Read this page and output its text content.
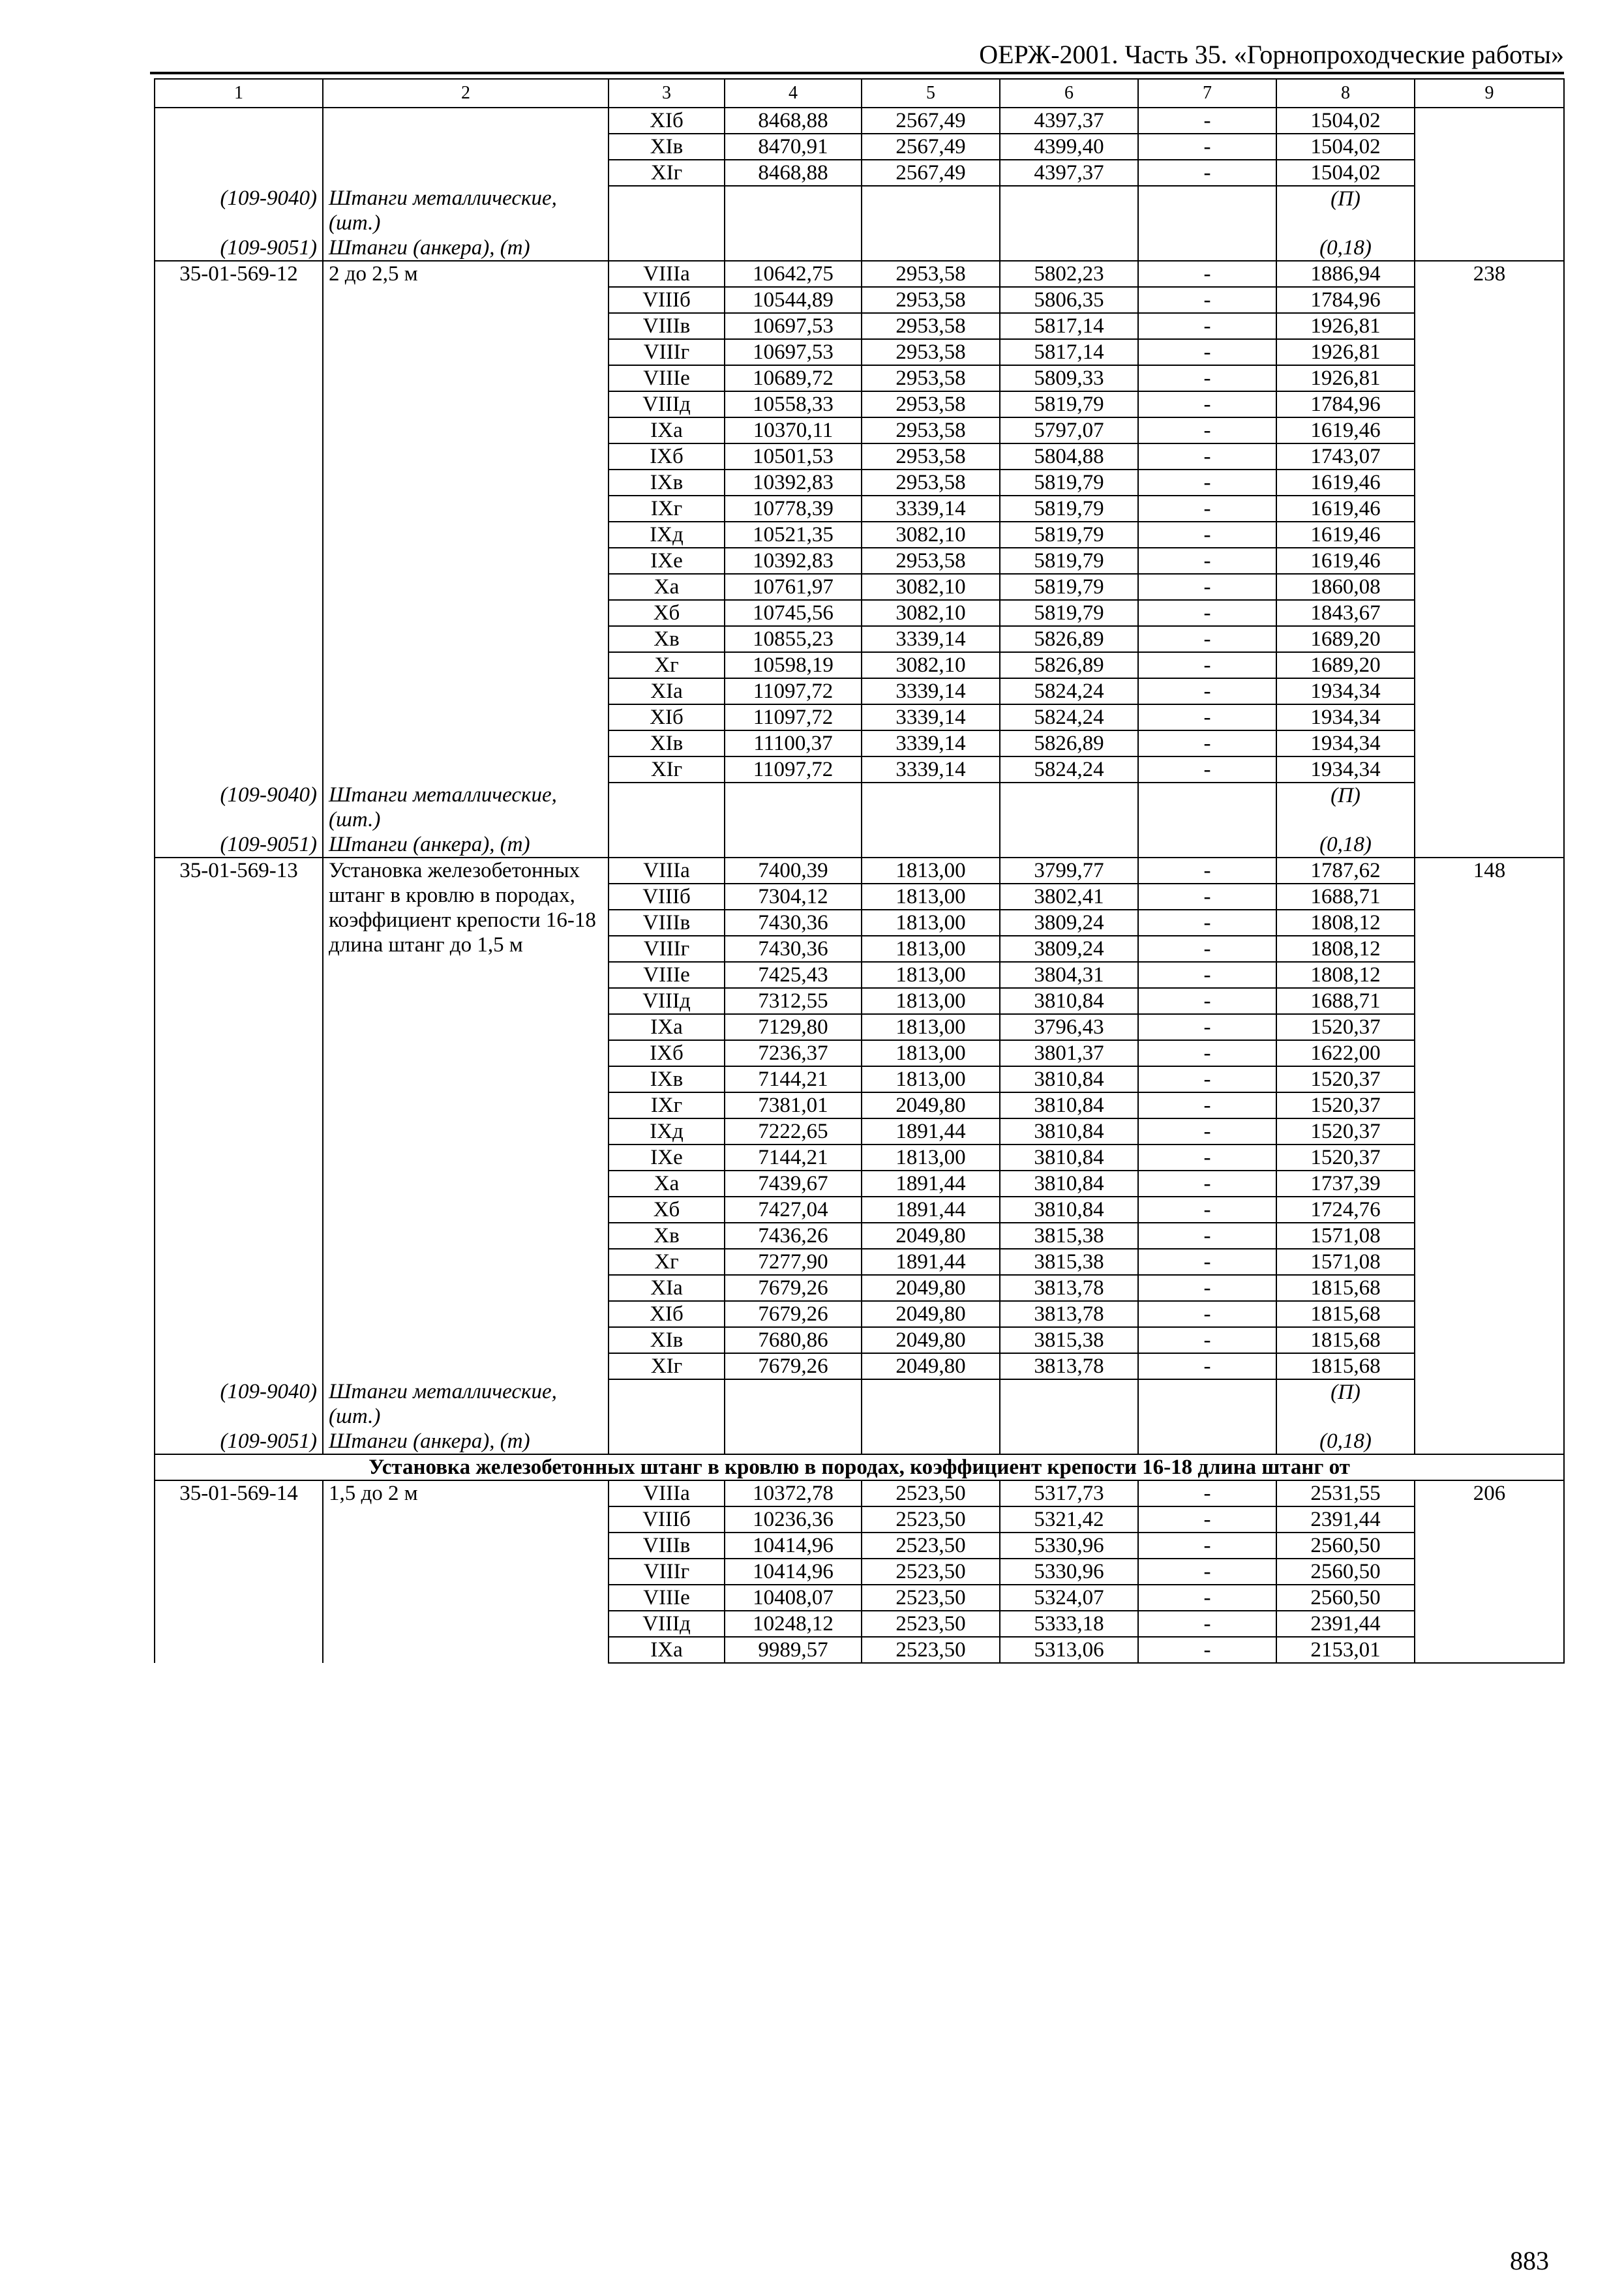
ОЕРЖ-2001. Часть 35. «Горнопроходческие работы»
1	2	3	4	5	6	7	8	9
		XIб	8468,88	2567,49	4397,37	-	1504,02	
		XIв	8470,91	2567,49	4399,40	-	1504,02	
		XIг	8468,88	2567,49	4397,37	-	1504,02	
(109-9040)	Штанги металлические, (шт.)						(П)	
(109-9051)	Штанги (анкера), (т)						(0,18)	
35-01-569-12	2 до 2,5 м	VIIIа	10642,75	2953,58	5802,23	-	1886,94	238
		VIIIб	10544,89	2953,58	5806,35	-	1784,96	
		VIIIв	10697,53	2953,58	5817,14	-	1926,81	
		VIIIг	10697,53	2953,58	5817,14	-	1926,81	
		VIIIе	10689,72	2953,58	5809,33	-	1926,81	
		VIIIд	10558,33	2953,58	5819,79	-	1784,96	
		IXа	10370,11	2953,58	5797,07	-	1619,46	
		IXб	10501,53	2953,58	5804,88	-	1743,07	
		IXв	10392,83	2953,58	5819,79	-	1619,46	
		IXг	10778,39	3339,14	5819,79	-	1619,46	
		IXд	10521,35	3082,10	5819,79	-	1619,46	
		IXе	10392,83	2953,58	5819,79	-	1619,46	
		Xа	10761,97	3082,10	5819,79	-	1860,08	
		Xб	10745,56	3082,10	5819,79	-	1843,67	
		Xв	10855,23	3339,14	5826,89	-	1689,20	
		Xг	10598,19	3082,10	5826,89	-	1689,20	
		XIа	11097,72	3339,14	5824,24	-	1934,34	
		XIб	11097,72	3339,14	5824,24	-	1934,34	
		XIв	11100,37	3339,14	5826,89	-	1934,34	
		XIг	11097,72	3339,14	5824,24	-	1934,34	
(109-9040)	Штанги металлические, (шт.)						(П)	
(109-9051)	Штанги (анкера), (т)						(0,18)	
35-01-569-13	Установка железобетонных штанг в кровлю в породах, коэффициент крепости 16-18 длина штанг до 1,5 м	VIIIа	7400,39	1813,00	3799,77	-	1787,62	148
		VIIIб	7304,12	1813,00	3802,41	-	1688,71	
		VIIIв	7430,36	1813,00	3809,24	-	1808,12	
		VIIIг	7430,36	1813,00	3809,24	-	1808,12	
		VIIIе	7425,43	1813,00	3804,31	-	1808,12	
		VIIIд	7312,55	1813,00	3810,84	-	1688,71	
		IXа	7129,80	1813,00	3796,43	-	1520,37	
		IXб	7236,37	1813,00	3801,37	-	1622,00	
		IXв	7144,21	1813,00	3810,84	-	1520,37	
		IXг	7381,01	2049,80	3810,84	-	1520,37	
		IXд	7222,65	1891,44	3810,84	-	1520,37	
		IXе	7144,21	1813,00	3810,84	-	1520,37	
		Xа	7439,67	1891,44	3810,84	-	1737,39	
		Xб	7427,04	1891,44	3810,84	-	1724,76	
		Xв	7436,26	2049,80	3815,38	-	1571,08	
		Xг	7277,90	1891,44	3815,38	-	1571,08	
		XIа	7679,26	2049,80	3813,78	-	1815,68	
		XIб	7679,26	2049,80	3813,78	-	1815,68	
		XIв	7680,86	2049,80	3815,38	-	1815,68	
		XIг	7679,26	2049,80	3813,78	-	1815,68	
(109-9040)	Штанги металлические, (шт.)						(П)	
(109-9051)	Штанги (анкера), (т)						(0,18)	
Установка железобетонных штанг в кровлю в породах, коэффициент крепости 16-18 длина штанг от								
35-01-569-14	1,5 до 2 м	VIIIа	10372,78	2523,50	5317,73	-	2531,55	206
		VIIIб	10236,36	2523,50	5321,42	-	2391,44	
		VIIIв	10414,96	2523,50	5330,96	-	2560,50	
		VIIIг	10414,96	2523,50	5330,96	-	2560,50	
		VIIIе	10408,07	2523,50	5324,07	-	2560,50	
		VIIIд	10248,12	2523,50	5333,18	-	2391,44	
		IXа	9989,57	2523,50	5313,06	-	2153,01	
883
